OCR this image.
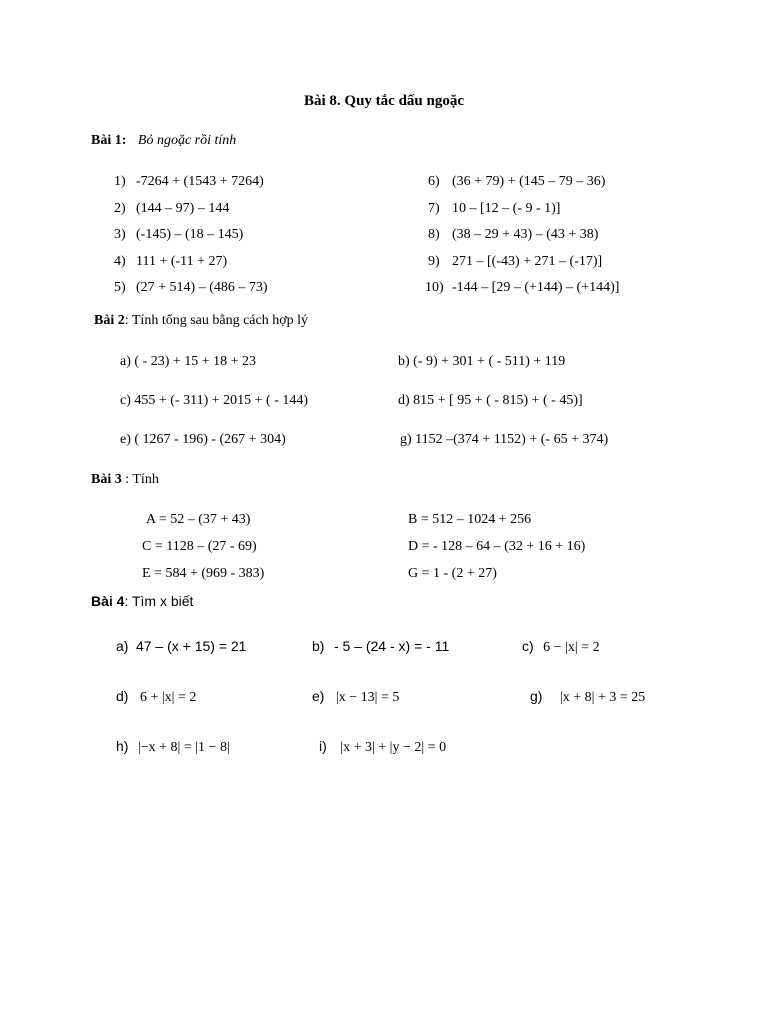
Bài 8. Quy tắc dấu ngoặc
Bài 1: Bỏ ngoặc rồi tính
1) -7264 + (1543 + 7264)
2) (144 – 97) – 144
3) (-145) – (18 – 145)
4) 111 + (-11 + 27)
5) (27 + 514) – (486 – 73)
6) (36 + 79) + (145 – 79 – 36)
7) 10 – [12 – (- 9 - 1)]
8) (38 – 29 + 43) – (43 + 38)
9) 271 – [(-43) + 271 – (-17)]
10) -144 – [29 – (+144) – (+144)]
Bài 2: Tính tổng sau bằng cách hợp lý
a) ( - 23) + 15 + 18 + 23	b) (- 9) + 301 + ( - 511) + 119
c) 455 + (- 311) + 2015 + ( - 144)	d) 815 + [ 95 + ( - 815) + ( - 45)]
e) ( 1267 - 196) - (267 + 304)	g) 1152 –(374 + 1152) + (- 65 + 374)
Bài 3 : Tính
A = 52 – (37 + 43)	B = 512 – 1024 + 256
C = 1128 – (27 - 69)	D = - 128 – 64 – (32 + 16 + 16)
E = 584 + (969 - 383)	G = 1 - (2 + 27)
Bài 4: Tìm x biết
a) 47 – (x + 15) = 21	b) - 5 – (24 - x) = - 11	c) 6 − |x| = 2
d) 6 + |x| = 2	e) |x − 13| = 5	g) |x + 8| + 3 = 25
h) |−x + 8| = |1 − 8|	i) |x + 3| + |y − 2| = 0
